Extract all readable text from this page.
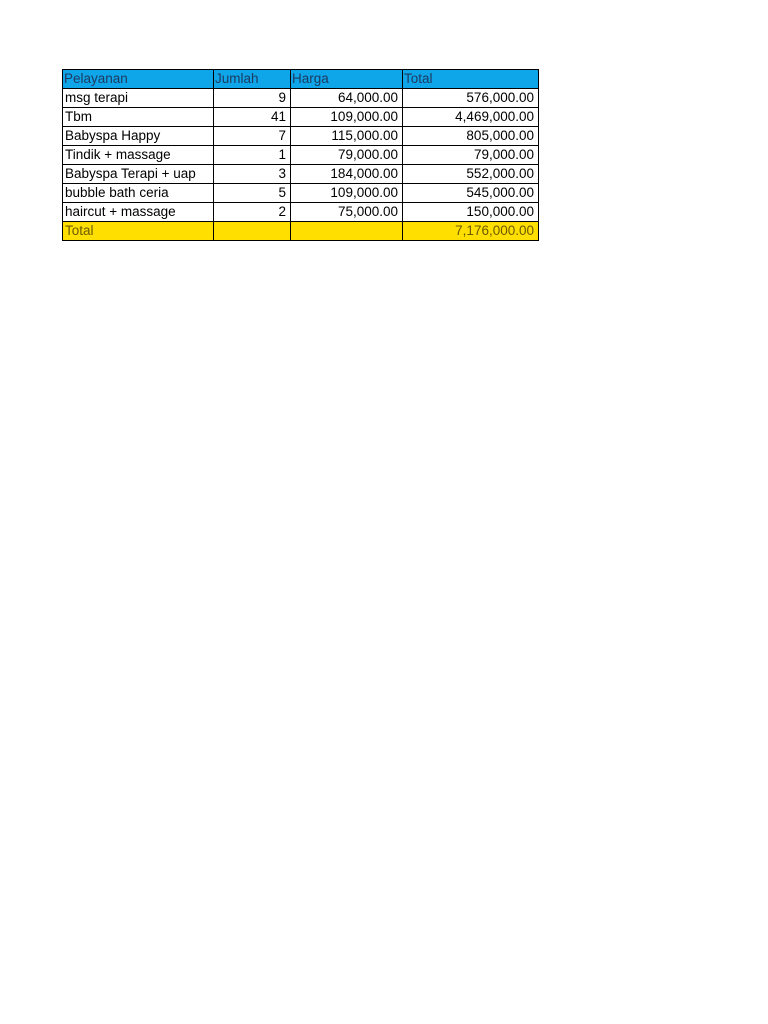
Pelayanan	Jumlah	Harga	Total
msg terapi	9	64,000.00	576,000.00
Tbm	41	109,000.00	4,469,000.00
Babyspa Happy	7	115,000.00	805,000.00
Tindik + massage	1	79,000.00	79,000.00
Babyspa Terapi + uap	3	184,000.00	552,000.00
bubble bath ceria	5	109,000.00	545,000.00
haircut + massage	2	75,000.00	150,000.00
Total			7,176,000.00
